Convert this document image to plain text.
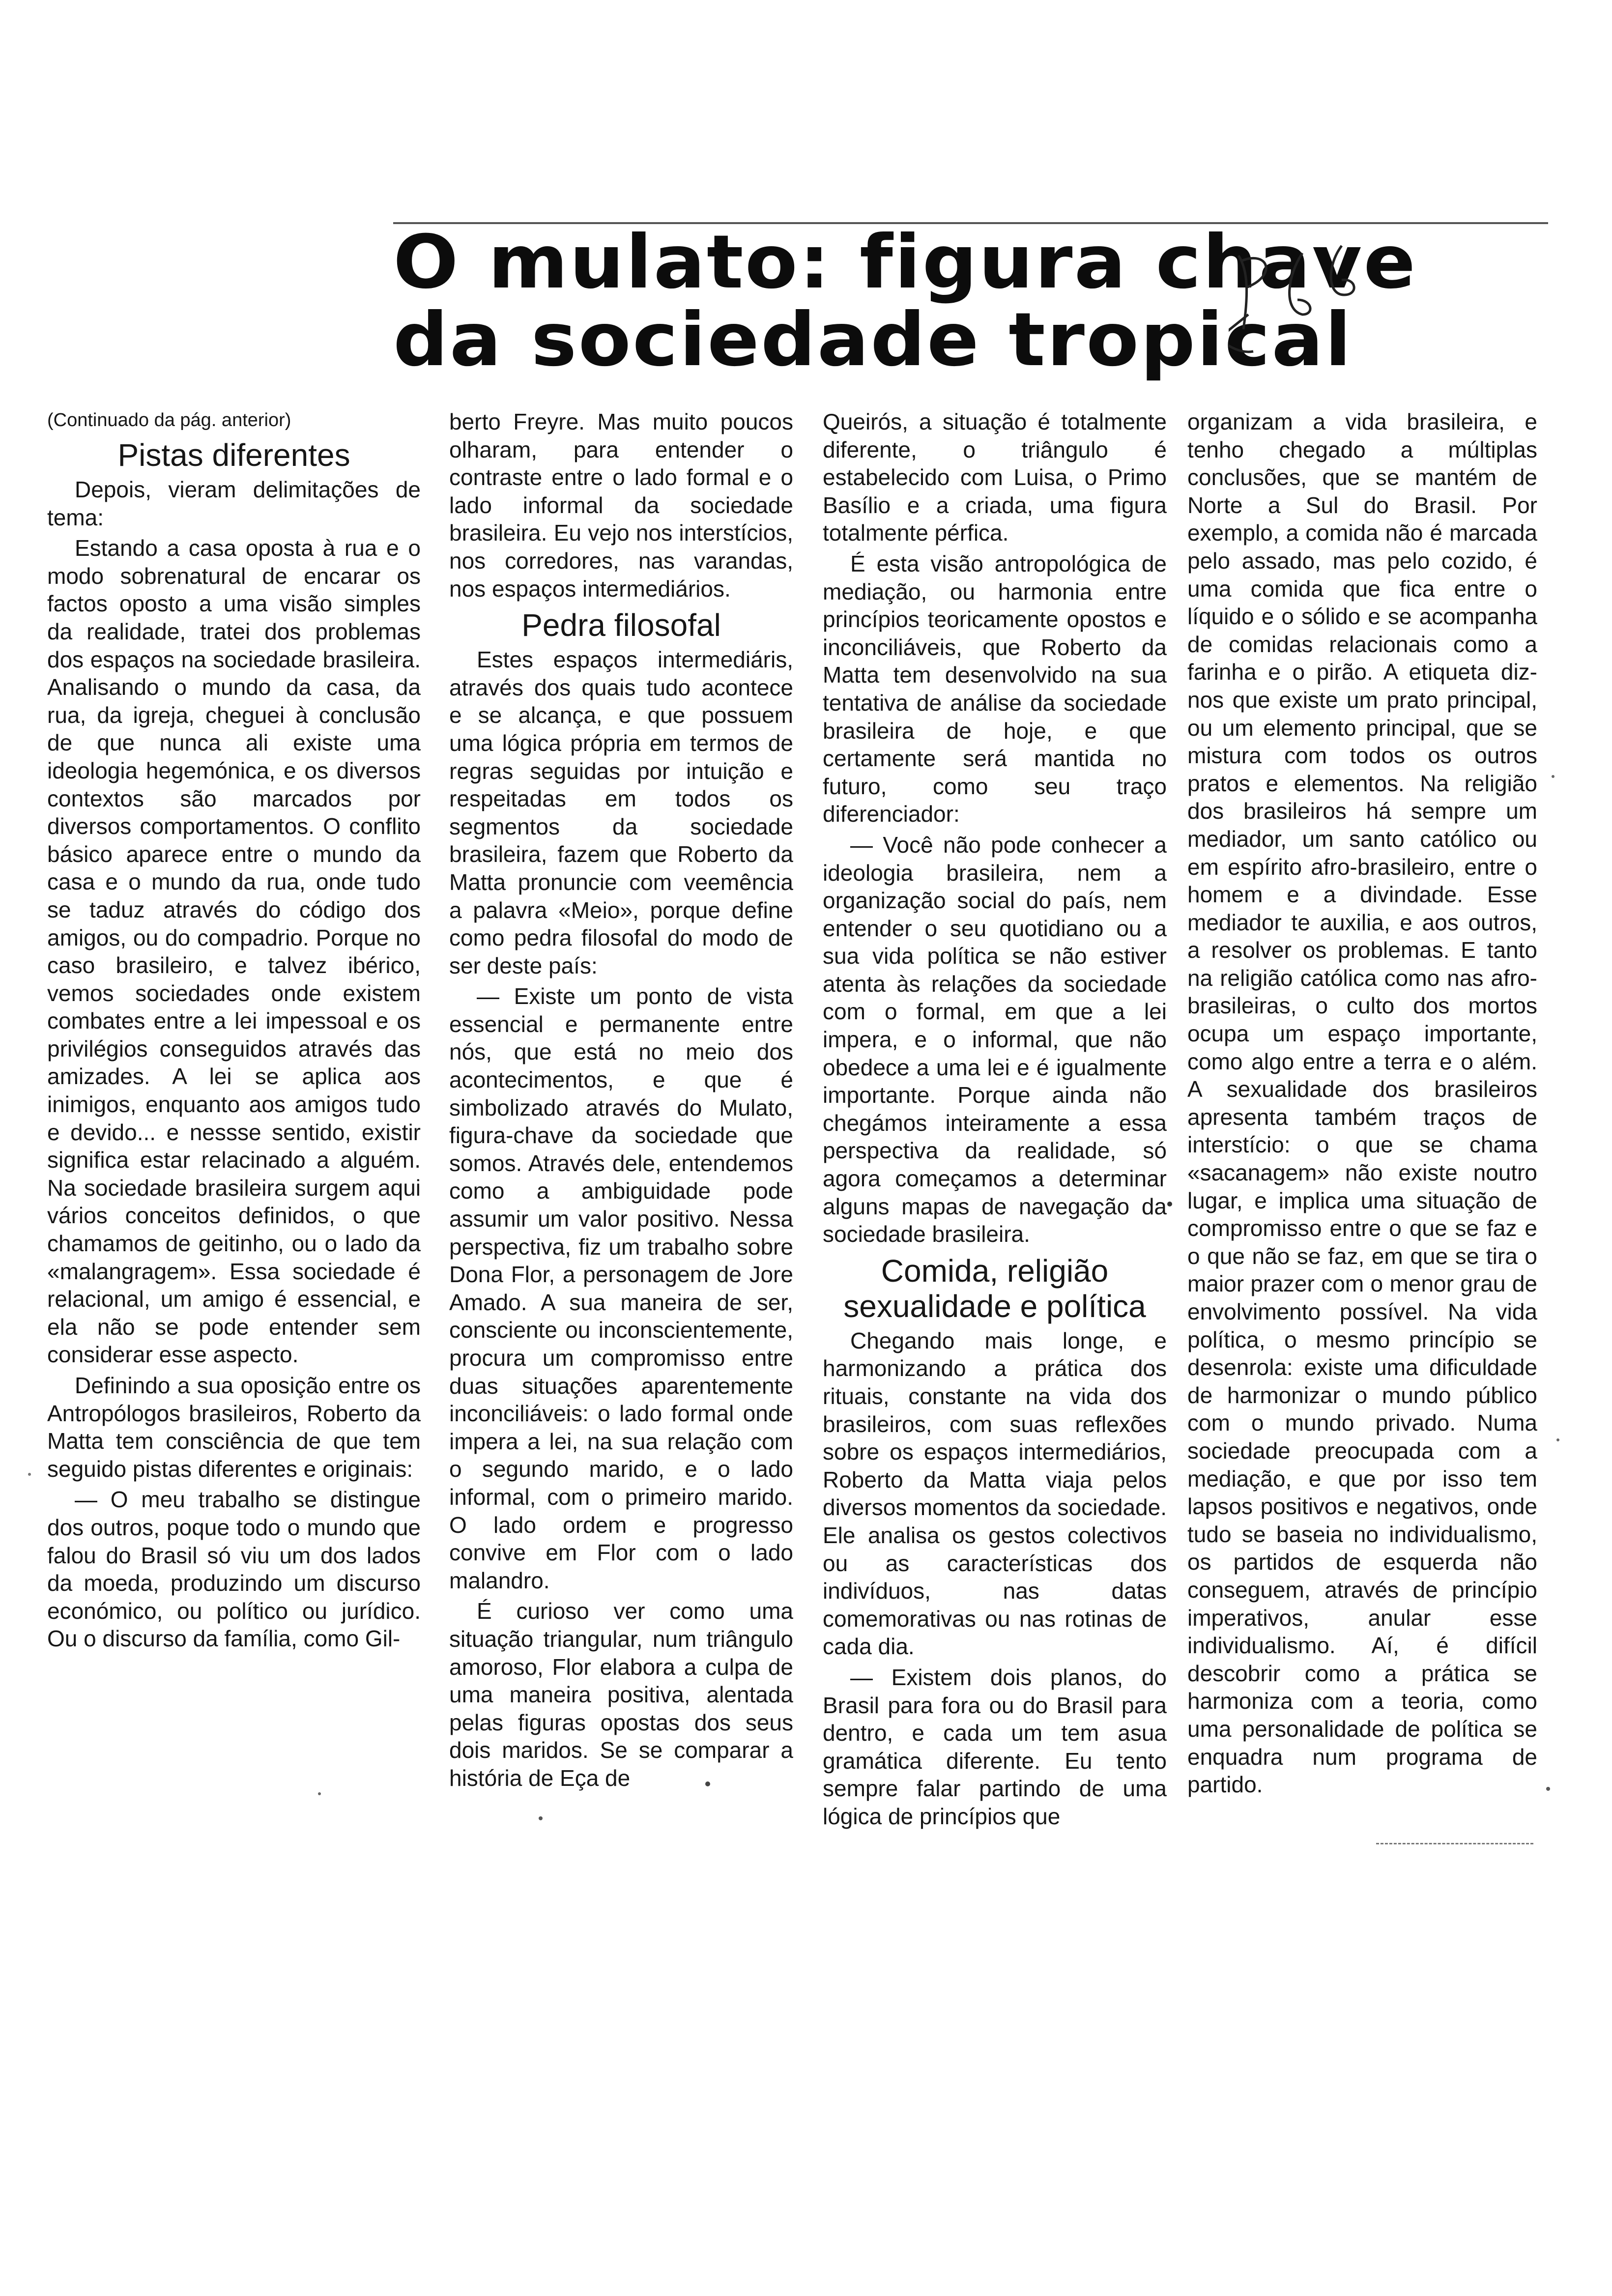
O mulato: figura chave
da sociedade tropical

(Continuado da pág. anterior)

Pistas diferentes

Depois, vieram delimitações de tema:

Estando a casa oposta à rua e o modo sobrenatural de encarar os factos oposto a uma visão simples da realidade, tratei dos problemas dos espaços na sociedade brasileira. Analisando o mundo da casa, da rua, da igreja, cheguei à conclusão de que nunca ali existe uma ideologia hegemónica, e os diversos contextos são marcados por diversos comportamentos. O conflito básico aparece entre o mundo da casa e o mundo da rua, onde tudo se taduz através do código dos amigos, ou do compadrio. Porque no caso brasileiro, e talvez ibérico, vemos sociedades onde existem combates entre a lei impessoal e os privilégios conseguidos através das amizades. A lei se aplica aos inimigos, enquanto aos amigos tudo e devido... e nessse sentido, existir significa estar relacinado a alguém. Na sociedade brasileira surgem aqui vários conceitos definidos, o que chamamos de geitinho, ou o lado da «malangragem». Essa sociedade é relacional, um amigo é essencial, e ela não se pode entender sem considerar esse aspecto.

Definindo a sua oposição entre os Antropólogos brasileiros, Roberto da Matta tem consciência de que tem seguido pistas diferentes e originais:

— O meu trabalho se distingue dos outros, poque todo o mundo que falou do Brasil só viu um dos lados da moeda, produzindo um discurso económico, ou político ou jurídico. Ou o discurso da família, como Gil-

berto Freyre. Mas muito poucos olharam, para entender o contraste entre o lado formal e o lado informal da sociedade brasileira. Eu vejo nos interstícios, nos corredores, nas varandas, nos espaços intermediários.

Pedra filosofal

Estes espaços intermediáris, através dos quais tudo acontece e se alcança, e que possuem uma lógica própria em termos de regras seguidas por intuição e respeitadas em todos os segmentos da sociedade brasileira, fazem que Roberto da Matta pronuncie com veemência a palavra «Meio», porque define como pedra filosofal do modo de ser deste país:

— Existe um ponto de vista essencial e permanente entre nós, que está no meio dos acontecimentos, e que é simbolizado através do Mulato, figura-chave da sociedade que somos. Através dele, entendemos como a ambiguidade pode assumir um valor positivo. Nessa perspectiva, fiz um trabalho sobre Dona Flor, a personagem de Jore Amado. A sua maneira de ser, consciente ou inconscientemente, procura um compromisso entre duas situações aparentemente inconciliáveis: o lado formal onde impera a lei, na sua relação com o segundo marido, e o lado informal, com o primeiro marido. O lado ordem e progresso convive em Flor com o lado malandro.

É curioso ver como uma situação triangular, num triângulo amoroso, Flor elabora a culpa de uma maneira positiva, alentada pelas figuras opostas dos seus dois maridos. Se se comparar a história de Eça de

Queirós, a situação é totalmente diferente, o triângulo é estabelecido com Luisa, o Primo Basílio e a criada, uma figura totalmente pérfica.

É esta visão antropológica de mediação, ou harmonia entre princípios teoricamente opostos e inconciliáveis, que Roberto da Matta tem desenvolvido na sua tentativa de análise da sociedade brasileira de hoje, e que certamente será mantida no futuro, como seu traço diferenciador:

— Você não pode conhecer a ideologia brasileira, nem a organização social do país, nem entender o seu quotidiano ou a sua vida política se não estiver atenta às relações da sociedade com o formal, em que a lei impera, e o informal, que não obedece a uma lei e é igualmente importante. Porque ainda não chegámos inteiramente a essa perspectiva da realidade, só agora começamos a determinar alguns mapas de navegação da sociedade brasileira.

Comida, religião
sexualidade e política

Chegando mais longe, e harmonizando a prática dos rituais, constante na vida dos brasileiros, com suas reflexões sobre os espaços intermediários, Roberto da Matta viaja pelos diversos momentos da sociedade. Ele analisa os gestos colectivos ou as características dos indivíduos, nas datas comemorativas ou nas rotinas de cada dia.

— Existem dois planos, do Brasil para fora ou do Brasil para dentro, e cada um tem asua gramática diferente. Eu tento sempre falar partindo de uma lógica de princípios que

organizam a vida brasileira, e tenho chegado a múltiplas conclusões, que se mantém de Norte a Sul do Brasil. Por exemplo, a comida não é marcada pelo assado, mas pelo cozido, é uma comida que fica entre o líquido e o sólido e se acompanha de comidas relacionais como a farinha e o pirão. A etiqueta diz-nos que existe um prato principal, ou um elemento principal, que se mistura com todos os outros pratos e elementos. Na religião dos brasileiros há sempre um mediador, um santo católico ou em espírito afro-brasileiro, entre o homem e a divindade. Esse mediador te auxilia, e aos outros, a resolver os problemas. E tanto na religião católica como nas afro-brasileiras, o culto dos mortos ocupa um espaço importante, como algo entre a terra e o além. A sexualidade dos brasileiros apresenta também traços de interstício: o que se chama «sacanagem» não existe noutro lugar, e implica uma situação de compromisso entre o que se faz e o que não se faz, em que se tira o maior prazer com o menor grau de envolvimento possível. Na vida política, o mesmo princípio se desenrola: existe uma dificuldade de harmonizar o mundo público com o mundo privado. Numa sociedade preocupada com a mediação, e que por isso tem lapsos positivos e negativos, onde tudo se baseia no individualismo, os partidos de esquerda não conseguem, através de princípio imperativos, anular esse individualismo. Aí, é difícil descobrir como a prática se harmoniza com a teoria, como uma personalidade de política se enquadra num programa de partido.
